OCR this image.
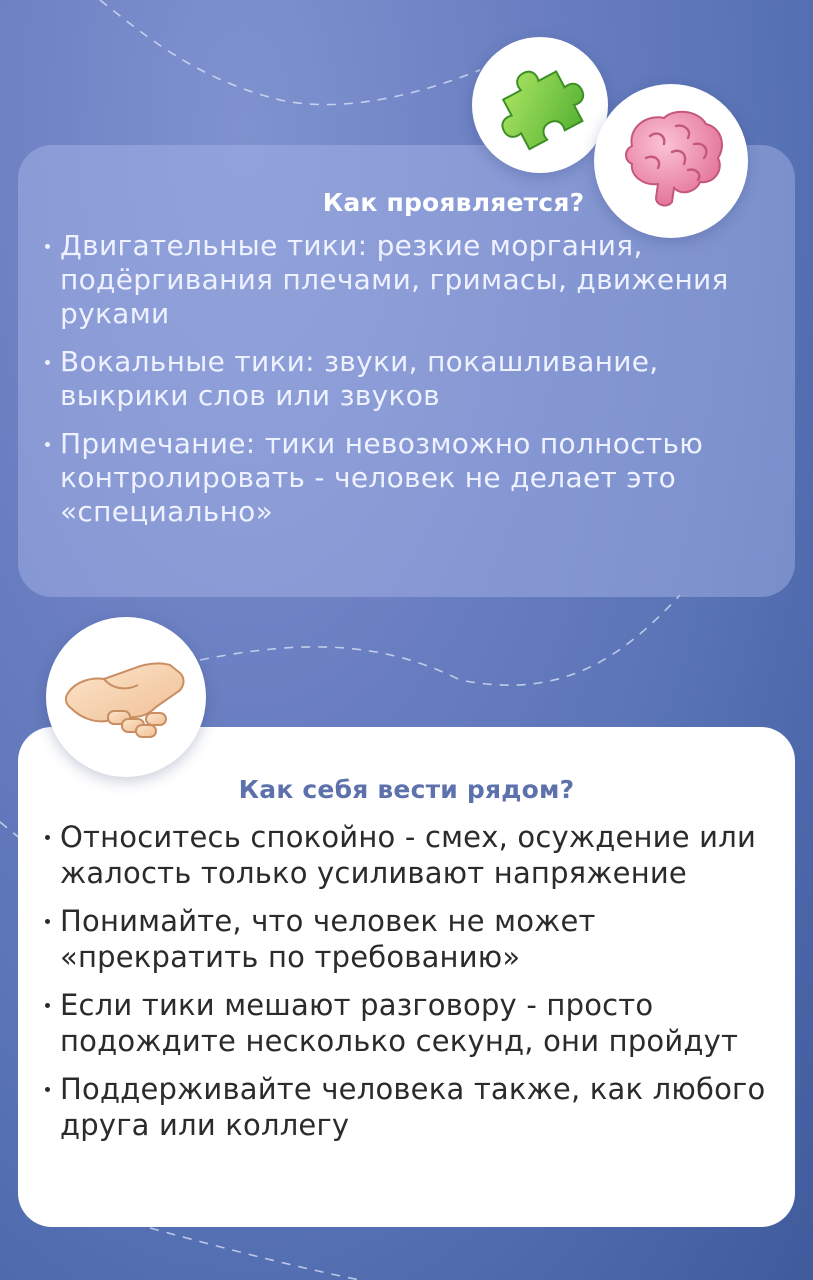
Как проявляется?
Двигательные тики: резкие моргания, подёргивания плечами, гримасы, движения руками
Вокальные тики: звуки, покашливание, выкрики слов или звуков
Примечание: тики невозможно полностью контролировать - человек не делает это «специально»
Как себя вести рядом?
Относитесь спокойно - смех, осуждение или жалость только усиливают напряжение
Понимайте, что человек не может «прекратить по требованию»
Если тики мешают разговору - просто подождите несколько секунд, они пройдут
Поддерживайте человека также, как любого друга или коллегу
